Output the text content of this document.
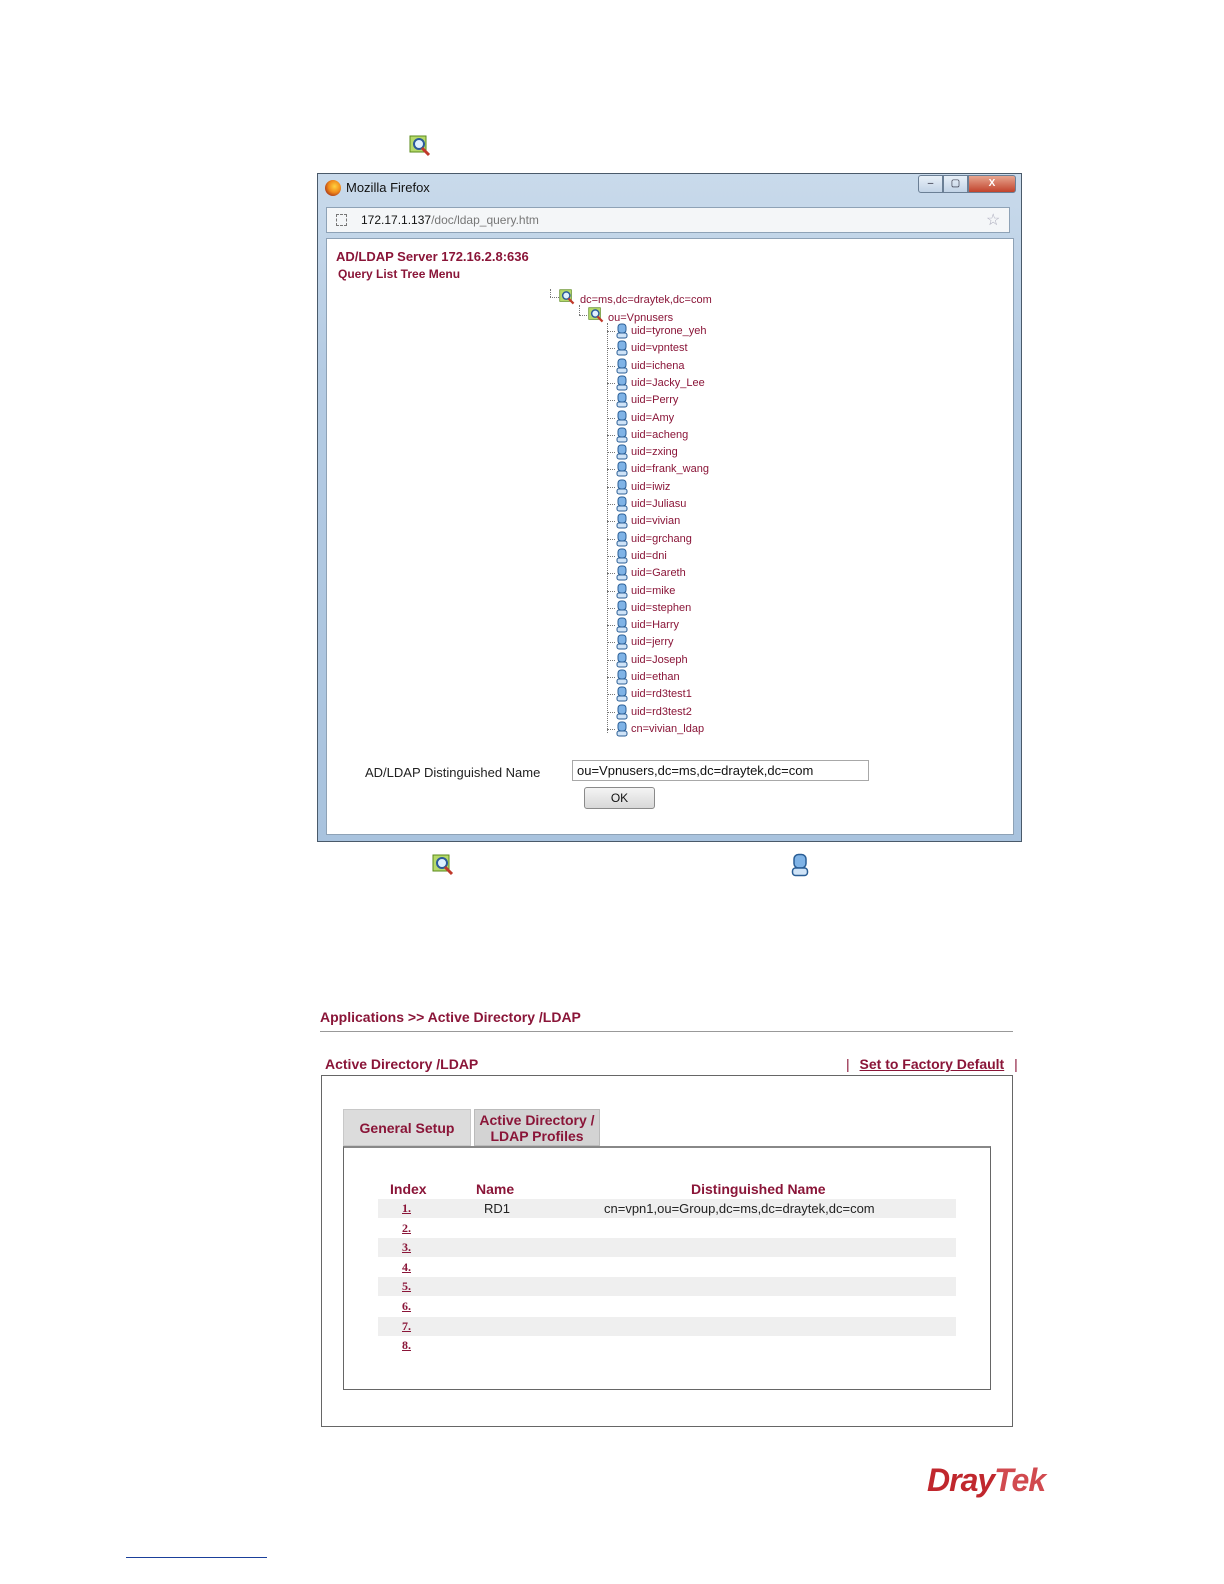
Mozilla Firefox	–	▢	X
172.17.1.137/doc/ldap_query.htm	☆
AD/LDAP Server 172.16.2.8:636
Query List Tree Menu
dc=ms,dc=draytek,dc=com
ou=Vpnusers
uid=tyrone_yeh
uid=vpntest
uid=ichena
uid=Jacky_Lee
uid=Perry
uid=Amy
uid=acheng
uid=zxing
uid=frank_wang
uid=iwiz
uid=Juliasu
uid=vivian
uid=grchang
uid=dni
uid=Gareth
uid=mike
uid=stephen
uid=Harry
uid=jerry
uid=Joseph
uid=ethan
uid=rd3test1
uid=rd3test2
cn=vivian_ldap
AD/LDAP Distinguished Name
ou=Vpnusers,dc=ms,dc=draytek,dc=com
OK
Applications >> Active Directory /LDAP
Active Directory /LDAP	| Set to Factory Default |
General Setup	Active Directory /
LDAP Profiles
Index	Name	Distinguished Name
1.	RD1	cn=vpn1,ou=Group,dc=ms,dc=draytek,dc=com
2.
3.
4.
5.
6.
7.
8.
DrayTek
